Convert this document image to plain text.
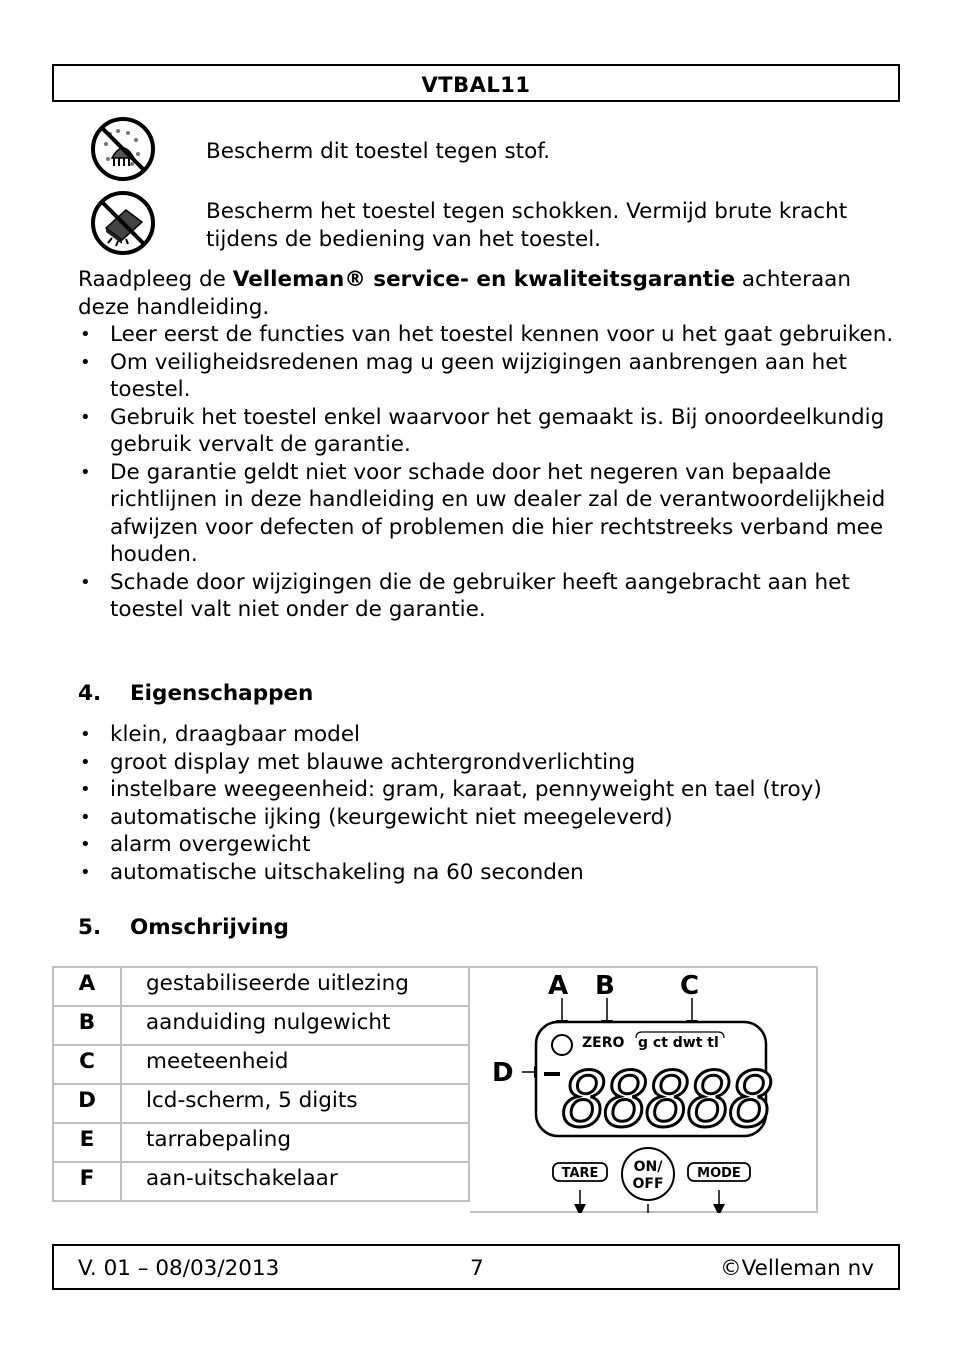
VTBAL11
Bescherm dit toestel tegen stof.
Bescherm het toestel tegen schokken. Vermijd brute kracht tijdens de bediening van het toestel.
Raadpleeg de Velleman® service- en kwaliteitsgarantie achteraan deze handleiding.
• Leer eerst de functies van het toestel kennen voor u het gaat gebruiken.
• Om veiligheidsredenen mag u geen wijzigingen aanbrengen aan het toestel.
• Gebruik het toestel enkel waarvoor het gemaakt is. Bij onoordeelkundig gebruik vervalt de garantie.
• De garantie geldt niet voor schade door het negeren van bepaalde richtlijnen in deze handleiding en uw dealer zal de verantwoordelijkheid afwijzen voor defecten of problemen die hier rechtstreeks verband mee houden.
• Schade door wijzigingen die de gebruiker heeft aangebracht aan het toestel valt niet onder de garantie.
4. Eigenschappen
• klein, draagbaar model
• groot display met blauwe achtergrondverlichting
• instelbare weegeenheid: gram, karaat, pennyweight en tael (troy)
• automatische ijking (keurgewicht niet meegeleverd)
• alarm overgewicht
• automatische uitschakeling na 60 seconden
5. Omschrijving
A	gestabiliseerde uitlezing
B	aanduiding nulgewicht
C	meeteenheid
D	lcd-scherm, 5 digits
E	tarrabepaling
F	aan-uitschakelaar
A B	C
D
ZERO g ct dwt tl
88888
TARE	ON/
OFF
MODE
V. 01 – 08/03/2013	7	©Velleman nv
